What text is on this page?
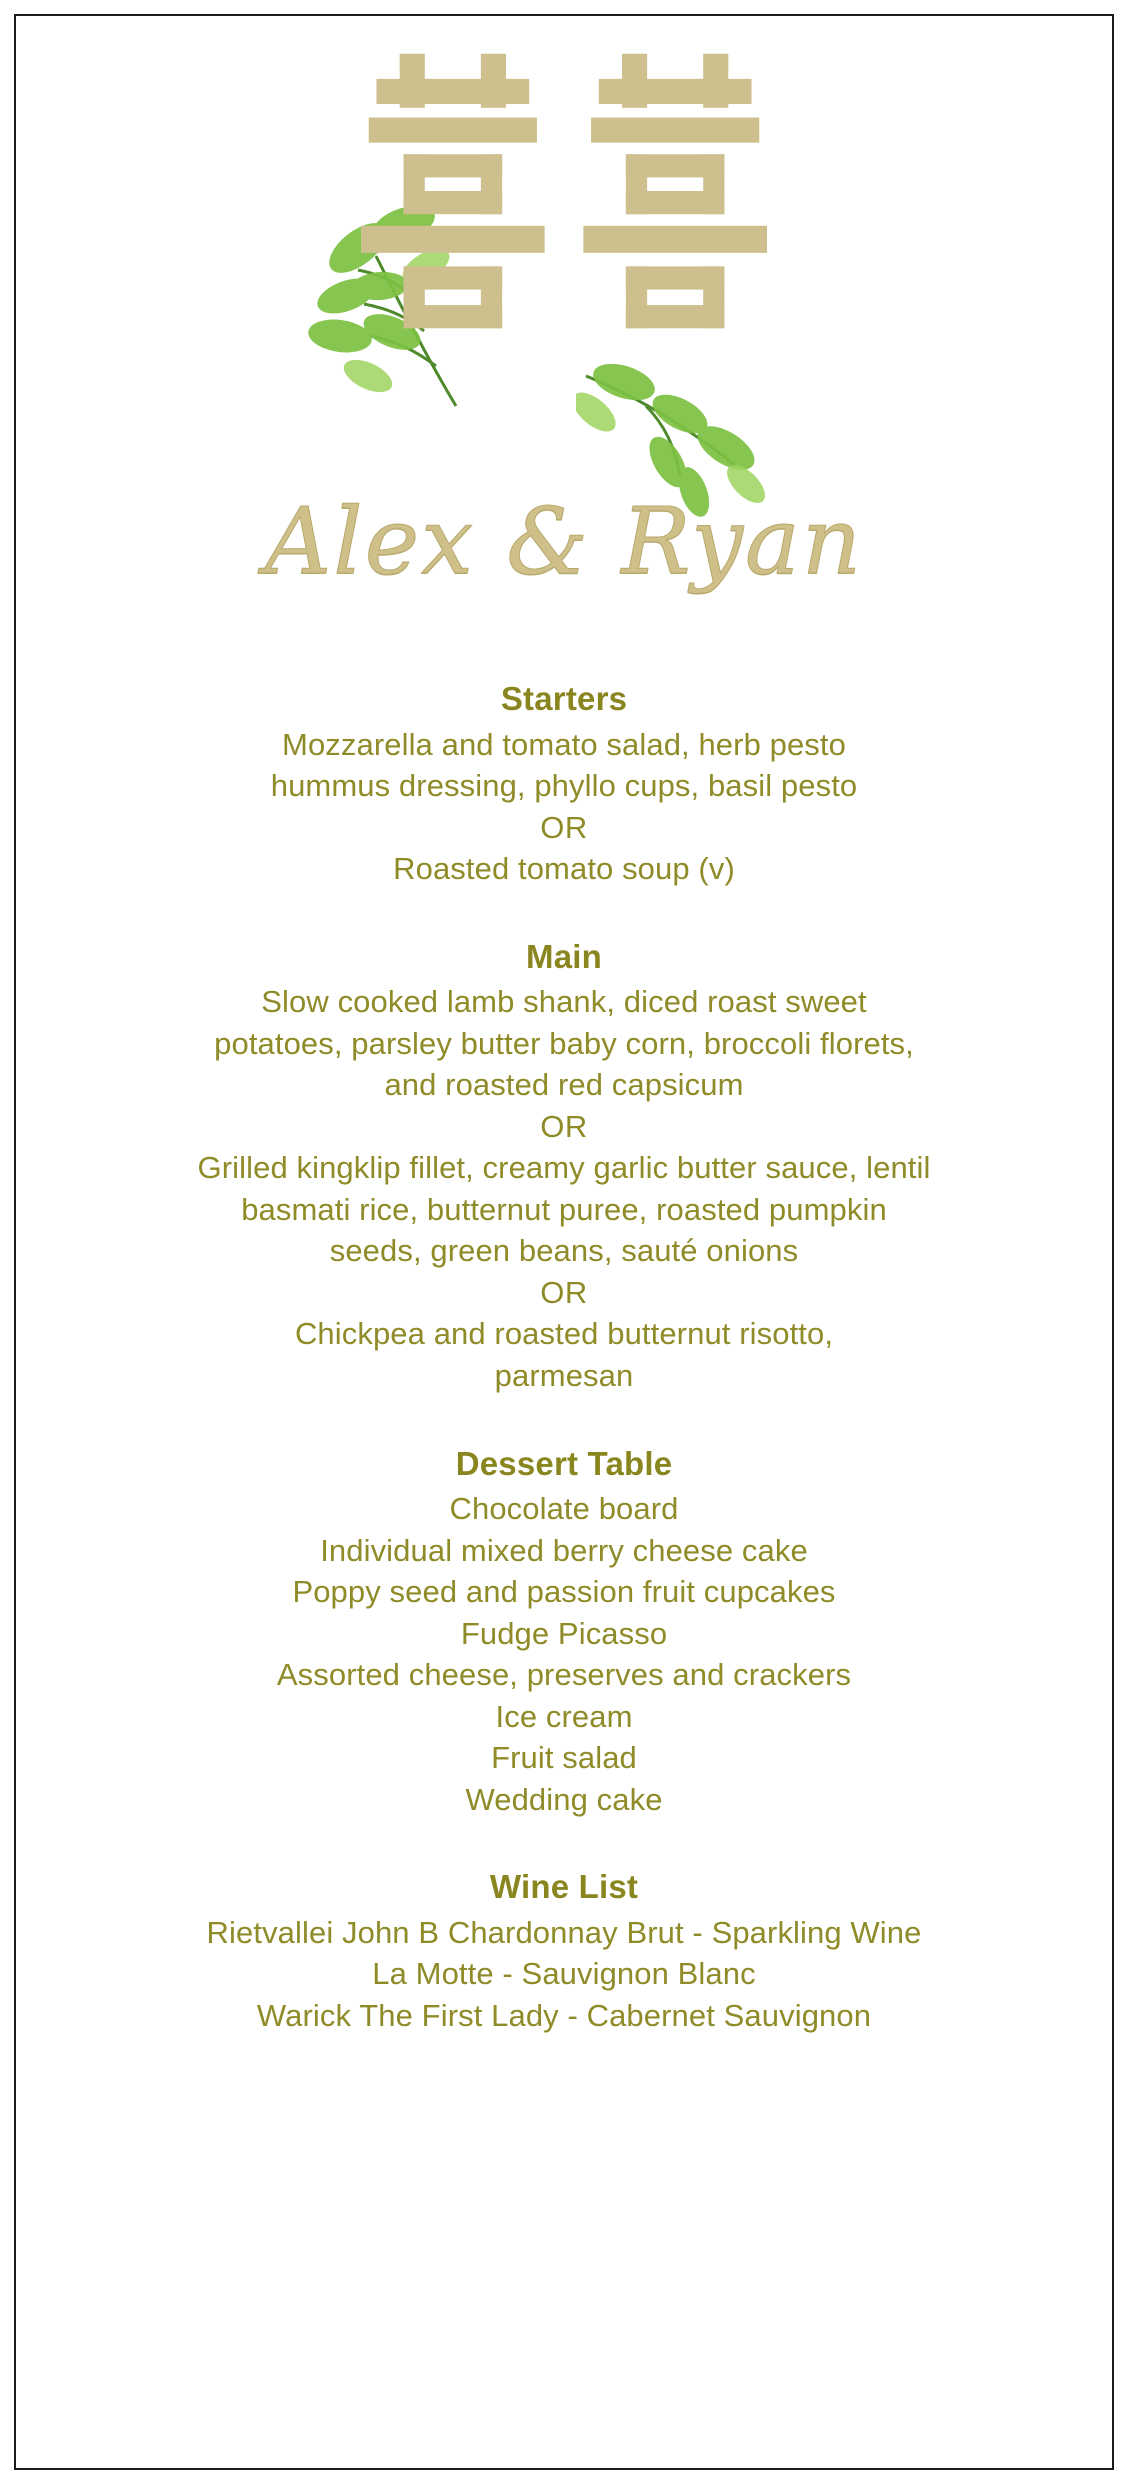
Alex & Ryan
Starters
Mozzarella and tomato salad, herb pesto
hummus dressing, phyllo cups, basil pesto
OR
Roasted tomato soup (v)
Main
Slow cooked lamb shank, diced roast sweet
potatoes, parsley butter baby corn, broccoli florets,
and roasted red capsicum
OR
Grilled kingklip fillet, creamy garlic butter sauce, lentil
basmati rice, butternut puree, roasted pumpkin
seeds, green beans, sauté onions
OR
Chickpea and roasted butternut risotto,
parmesan
Dessert Table
Chocolate board
Individual mixed berry cheese cake
Poppy seed and passion fruit cupcakes
Fudge Picasso
Assorted cheese, preserves and crackers
Ice cream
Fruit salad
Wedding cake
Wine List
Rietvallei John B Chardonnay Brut - Sparkling Wine
La Motte - Sauvignon Blanc
Warick The First Lady - Cabernet Sauvignon
